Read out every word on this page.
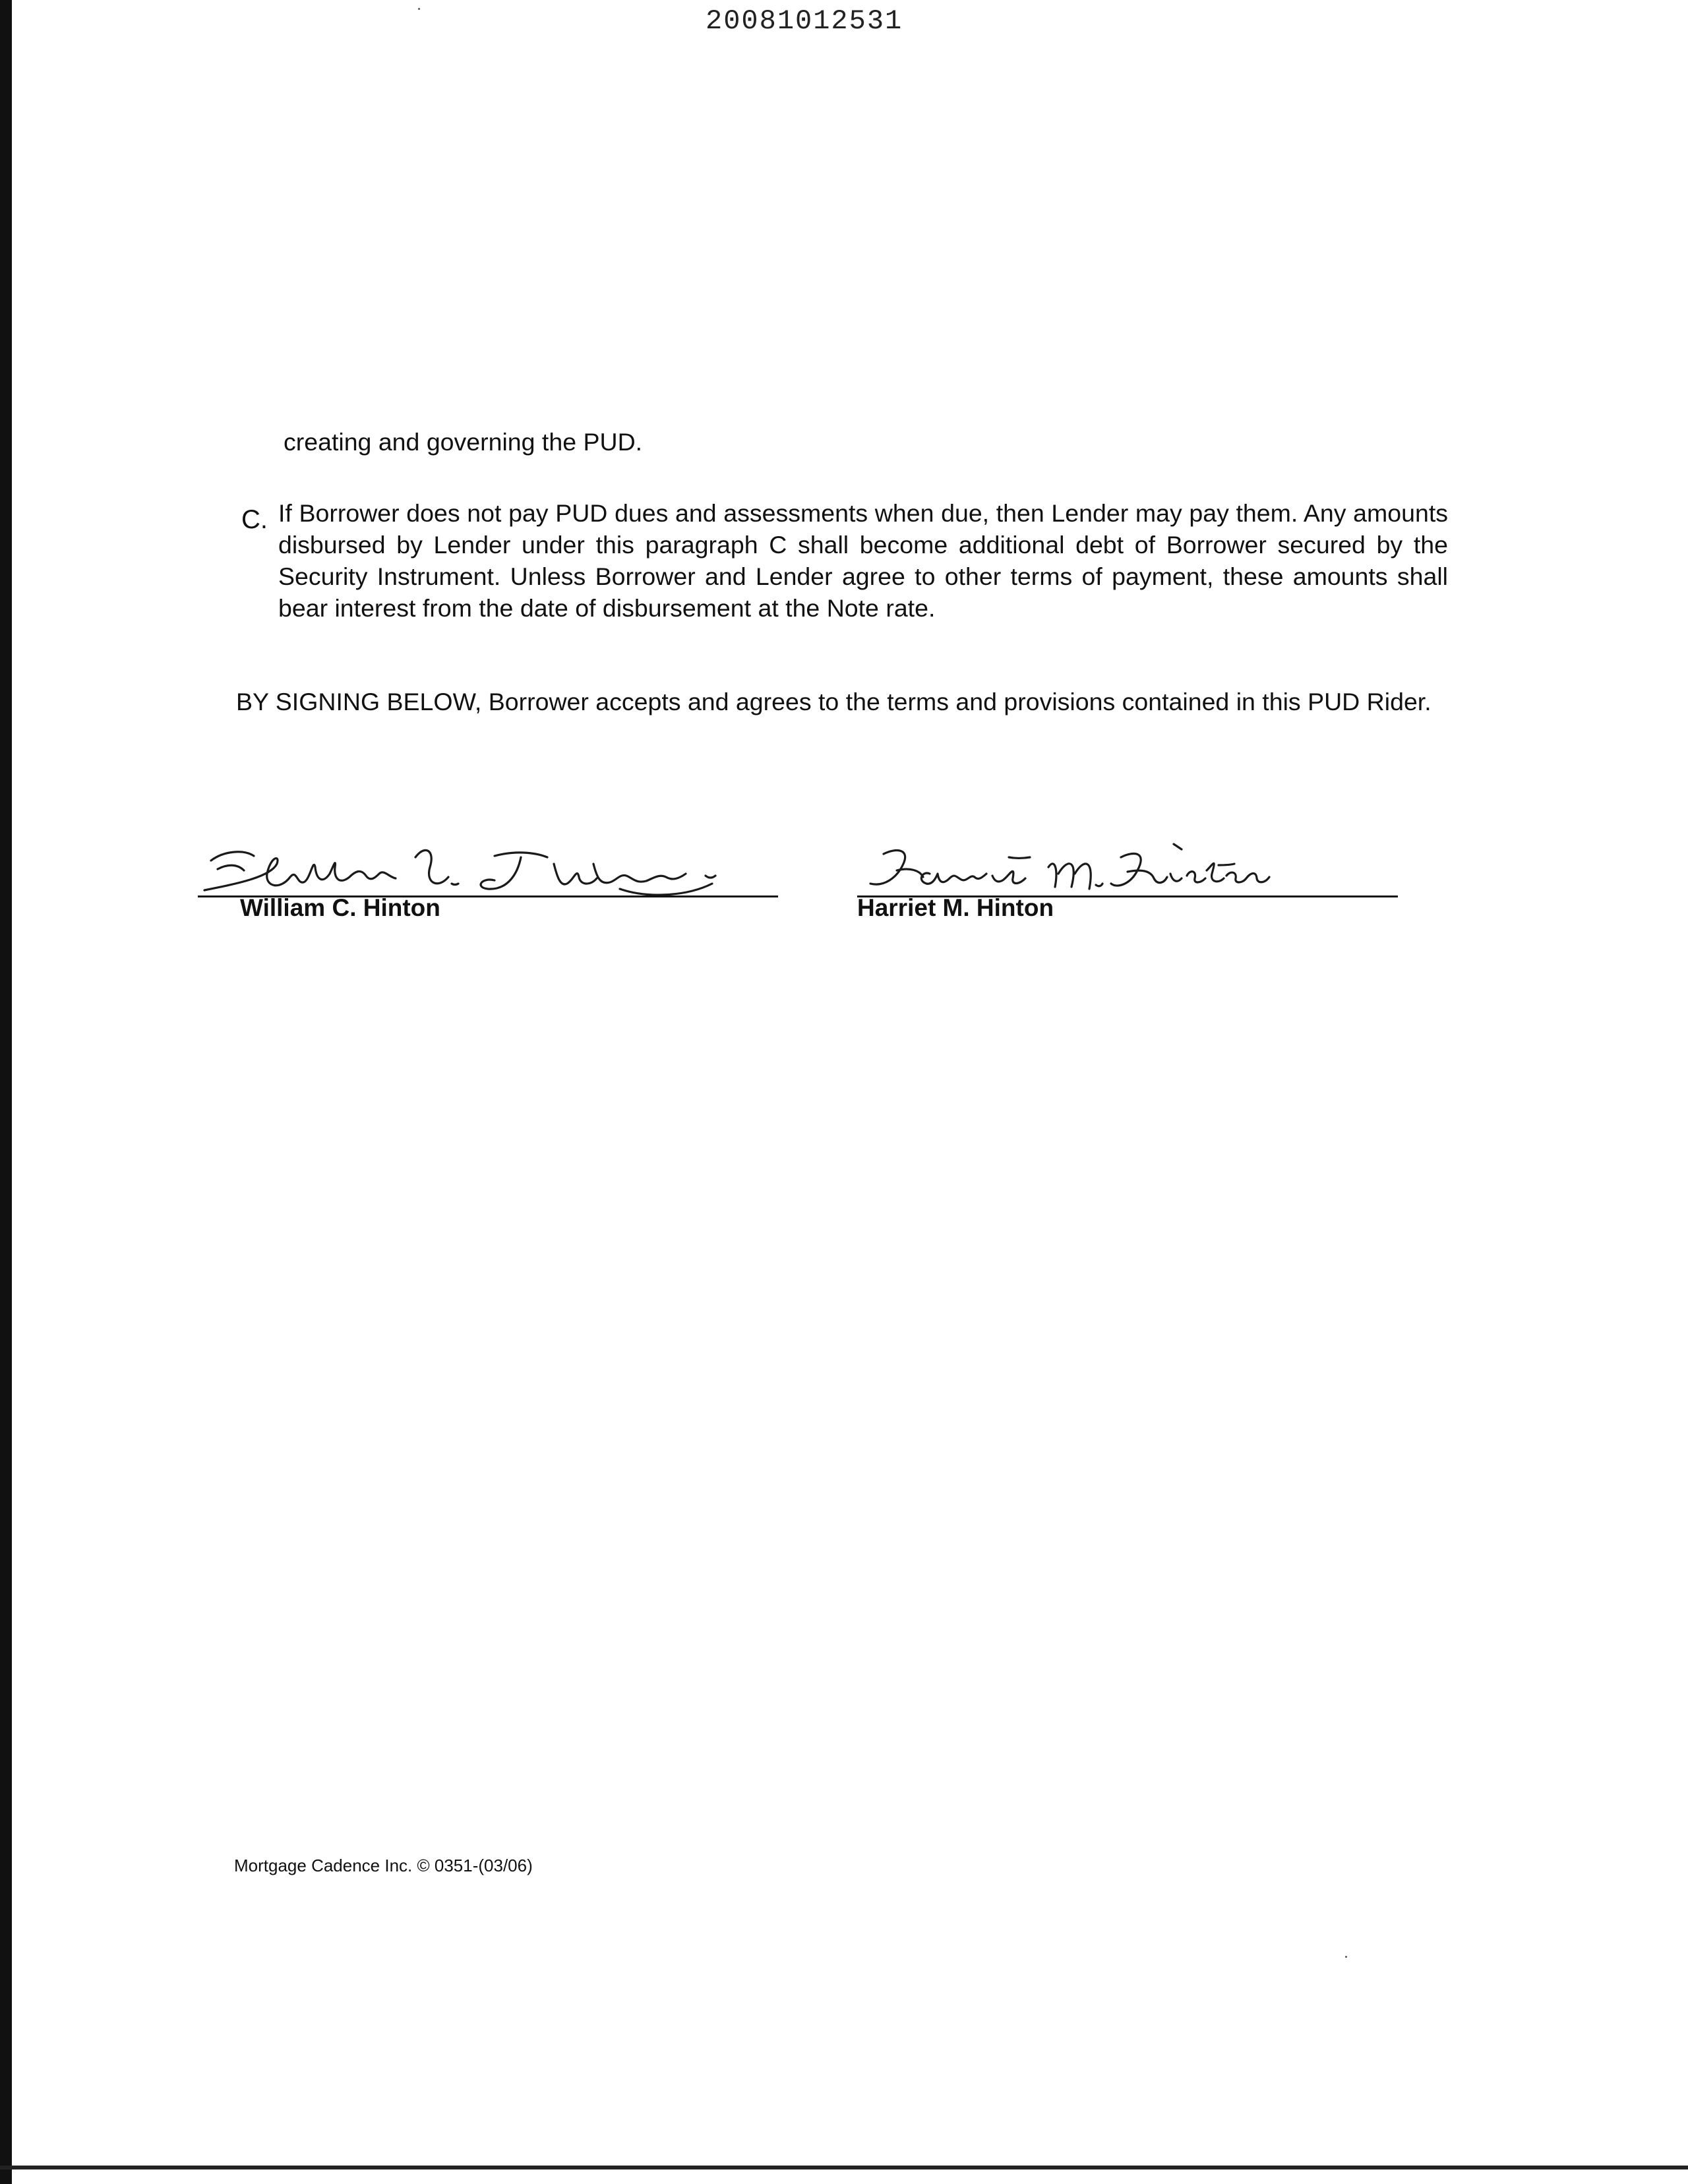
20081012531
creating and governing the PUD.
C. If Borrower does not pay PUD dues and assessments when due, then Lender may pay them. Any amounts disbursed by Lender under this paragraph C shall become additional debt of Borrower secured by the Security Instrument. Unless Borrower and Lender agree to other terms of payment, these amounts shall bear interest from the date of disbursement at the Note rate.
BY SIGNING BELOW, Borrower accepts and agrees to the terms and provisions contained in this PUD Rider.
William C. Hinton	Harriet M. Hinton
Mortgage Cadence Inc. © 0351-(03/06)
